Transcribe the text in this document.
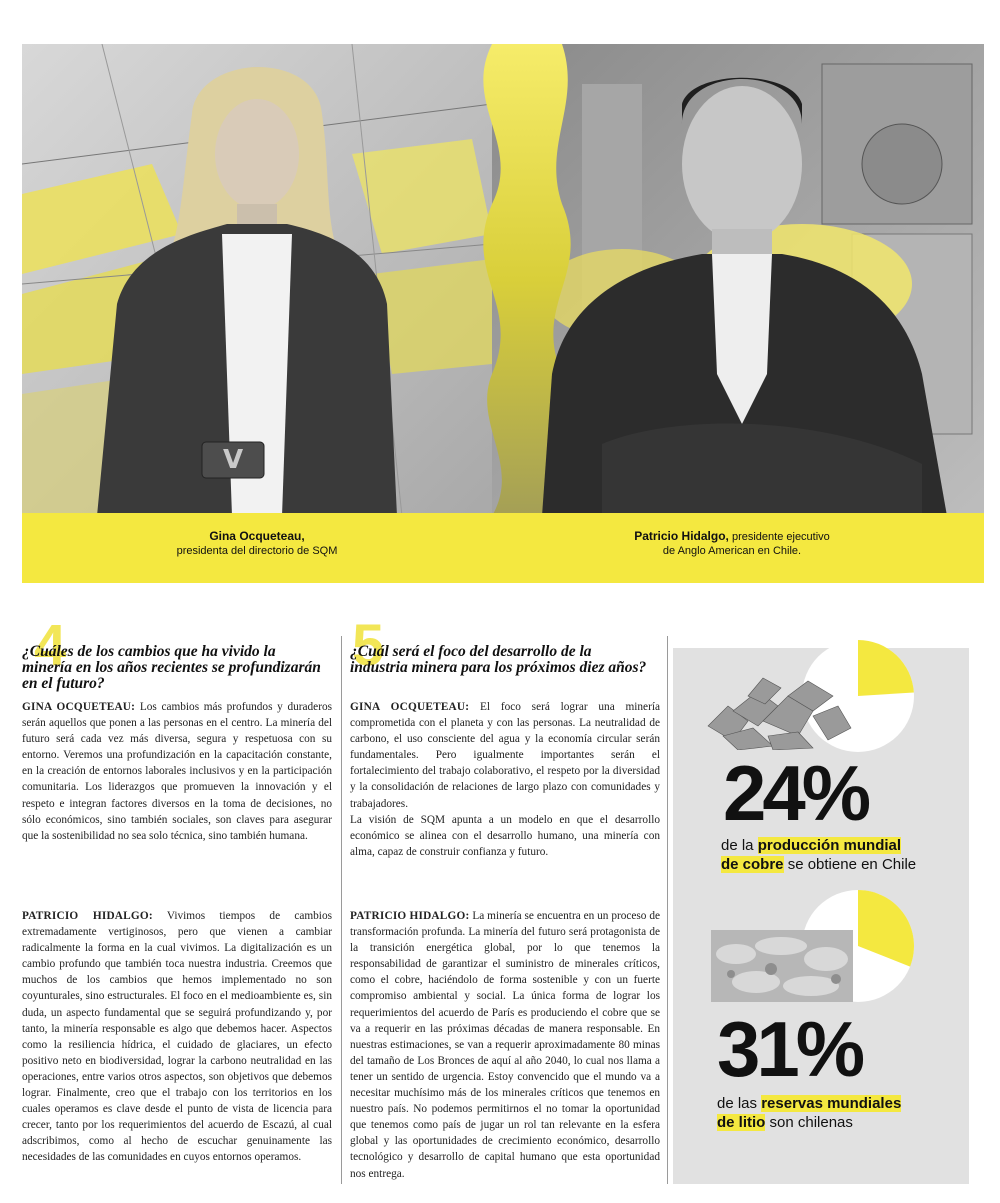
V
Gina Ocqueteau,
presidenta del directorio de SQM
Patricio Hidalgo, presidente ejecutivo
de Anglo American en Chile.
4
¿Cuáles de los cambios que ha vivido la minería en los años recientes se profundizarán en el futuro?

GINA OCQUETEAU: Los cambios más profundos y duraderos serán aquellos que ponen a las personas en el centro. La minería del futuro será cada vez más diversa, segura y respetuosa con su entorno. Veremos una profundización en la capacitación constante, en la creación de entornos laborales inclusivos y en la participación comunitaria. Los liderazgos que promueven la innovación y el respeto e integran factores diversos en la toma de decisiones, no sólo económicos, sino también sociales, son claves para asegurar que la sostenibilidad no sea solo técnica, sino también humana.

PATRICIO HIDALGO: Vivimos tiempos de cambios extremadamente vertiginosos, pero que vienen a cambiar radicalmente la forma en la cual vivimos. La digitalización es un cambio profundo que también toca nuestra industria. Creemos que muchos de los cambios que hemos implementado no son coyunturales, sino estructurales. El foco en el medioambiente es, sin duda, un aspecto fundamental que se seguirá profundizando y, por tanto, la minería responsable es algo que debemos hacer. Aspectos como la resiliencia hídrica, el cuidado de glaciares, un efecto positivo neto en biodiversidad, lograr la carbono neutralidad en las operaciones, entre varios otros aspectos, son objetivos que debemos lograr. Finalmente, creo que el trabajo con los territorios en los cuales operamos es clave desde el punto de vista de licencia para crecer, tanto por los requerimientos del acuerdo de Escazú, al cual adscribimos, como al hecho de escuchar genuinamente las necesidades de las comunidades en cuyos entornos operamos.

5
¿Cuál será el foco del desarrollo de la industria minera para los próximos diez años?

GINA OCQUETEAU: El foco será lograr una minería comprometida con el planeta y con las personas. La neutralidad de carbono, el uso consciente del agua y la economía circular serán fundamentales. Pero igualmente importantes serán el fortalecimiento del trabajo colaborativo, el respeto por la diversidad y la consolidación de relaciones de largo plazo con comunidades y trabajadores.

La visión de SQM apunta a un modelo en que el desarrollo económico se alinea con el desarrollo humano, una minería con alma, capaz de construir confianza y futuro.

PATRICIO HIDALGO: La minería se encuentra en un proceso de transformación profunda. La minería del futuro será protagonista de la transición energética global, por lo que tenemos la responsabilidad de garantizar el suministro de minerales críticos, como el cobre, haciéndolo de forma sostenible y con un fuerte compromiso ambiental y social. La única forma de lograr los requerimientos del acuerdo de París es produciendo el cobre que se va a requerir en las próximas décadas de manera responsable. En nuestras estimaciones, se van a requerir aproximadamente 80 minas del tamaño de Los Bronces de aquí al año 2040, lo cual nos llama a tener un sentido de urgencia. Estoy convencido que el mundo va a necesitar muchísimo más de los minerales críticos que tenemos en nuestro país. No podemos permitirnos el no tomar la oportunidad que tenemos como país de jugar un rol tan relevante en la esfera global y las oportunidades de crecimiento económico, desarrollo tecnológico y desarrollo de capital humano que esta oportunidad nos entrega.

24%
de la producción mundial
de cobre se obtiene en Chile
31%
de las reservas mundiales
de litio son chilenas
